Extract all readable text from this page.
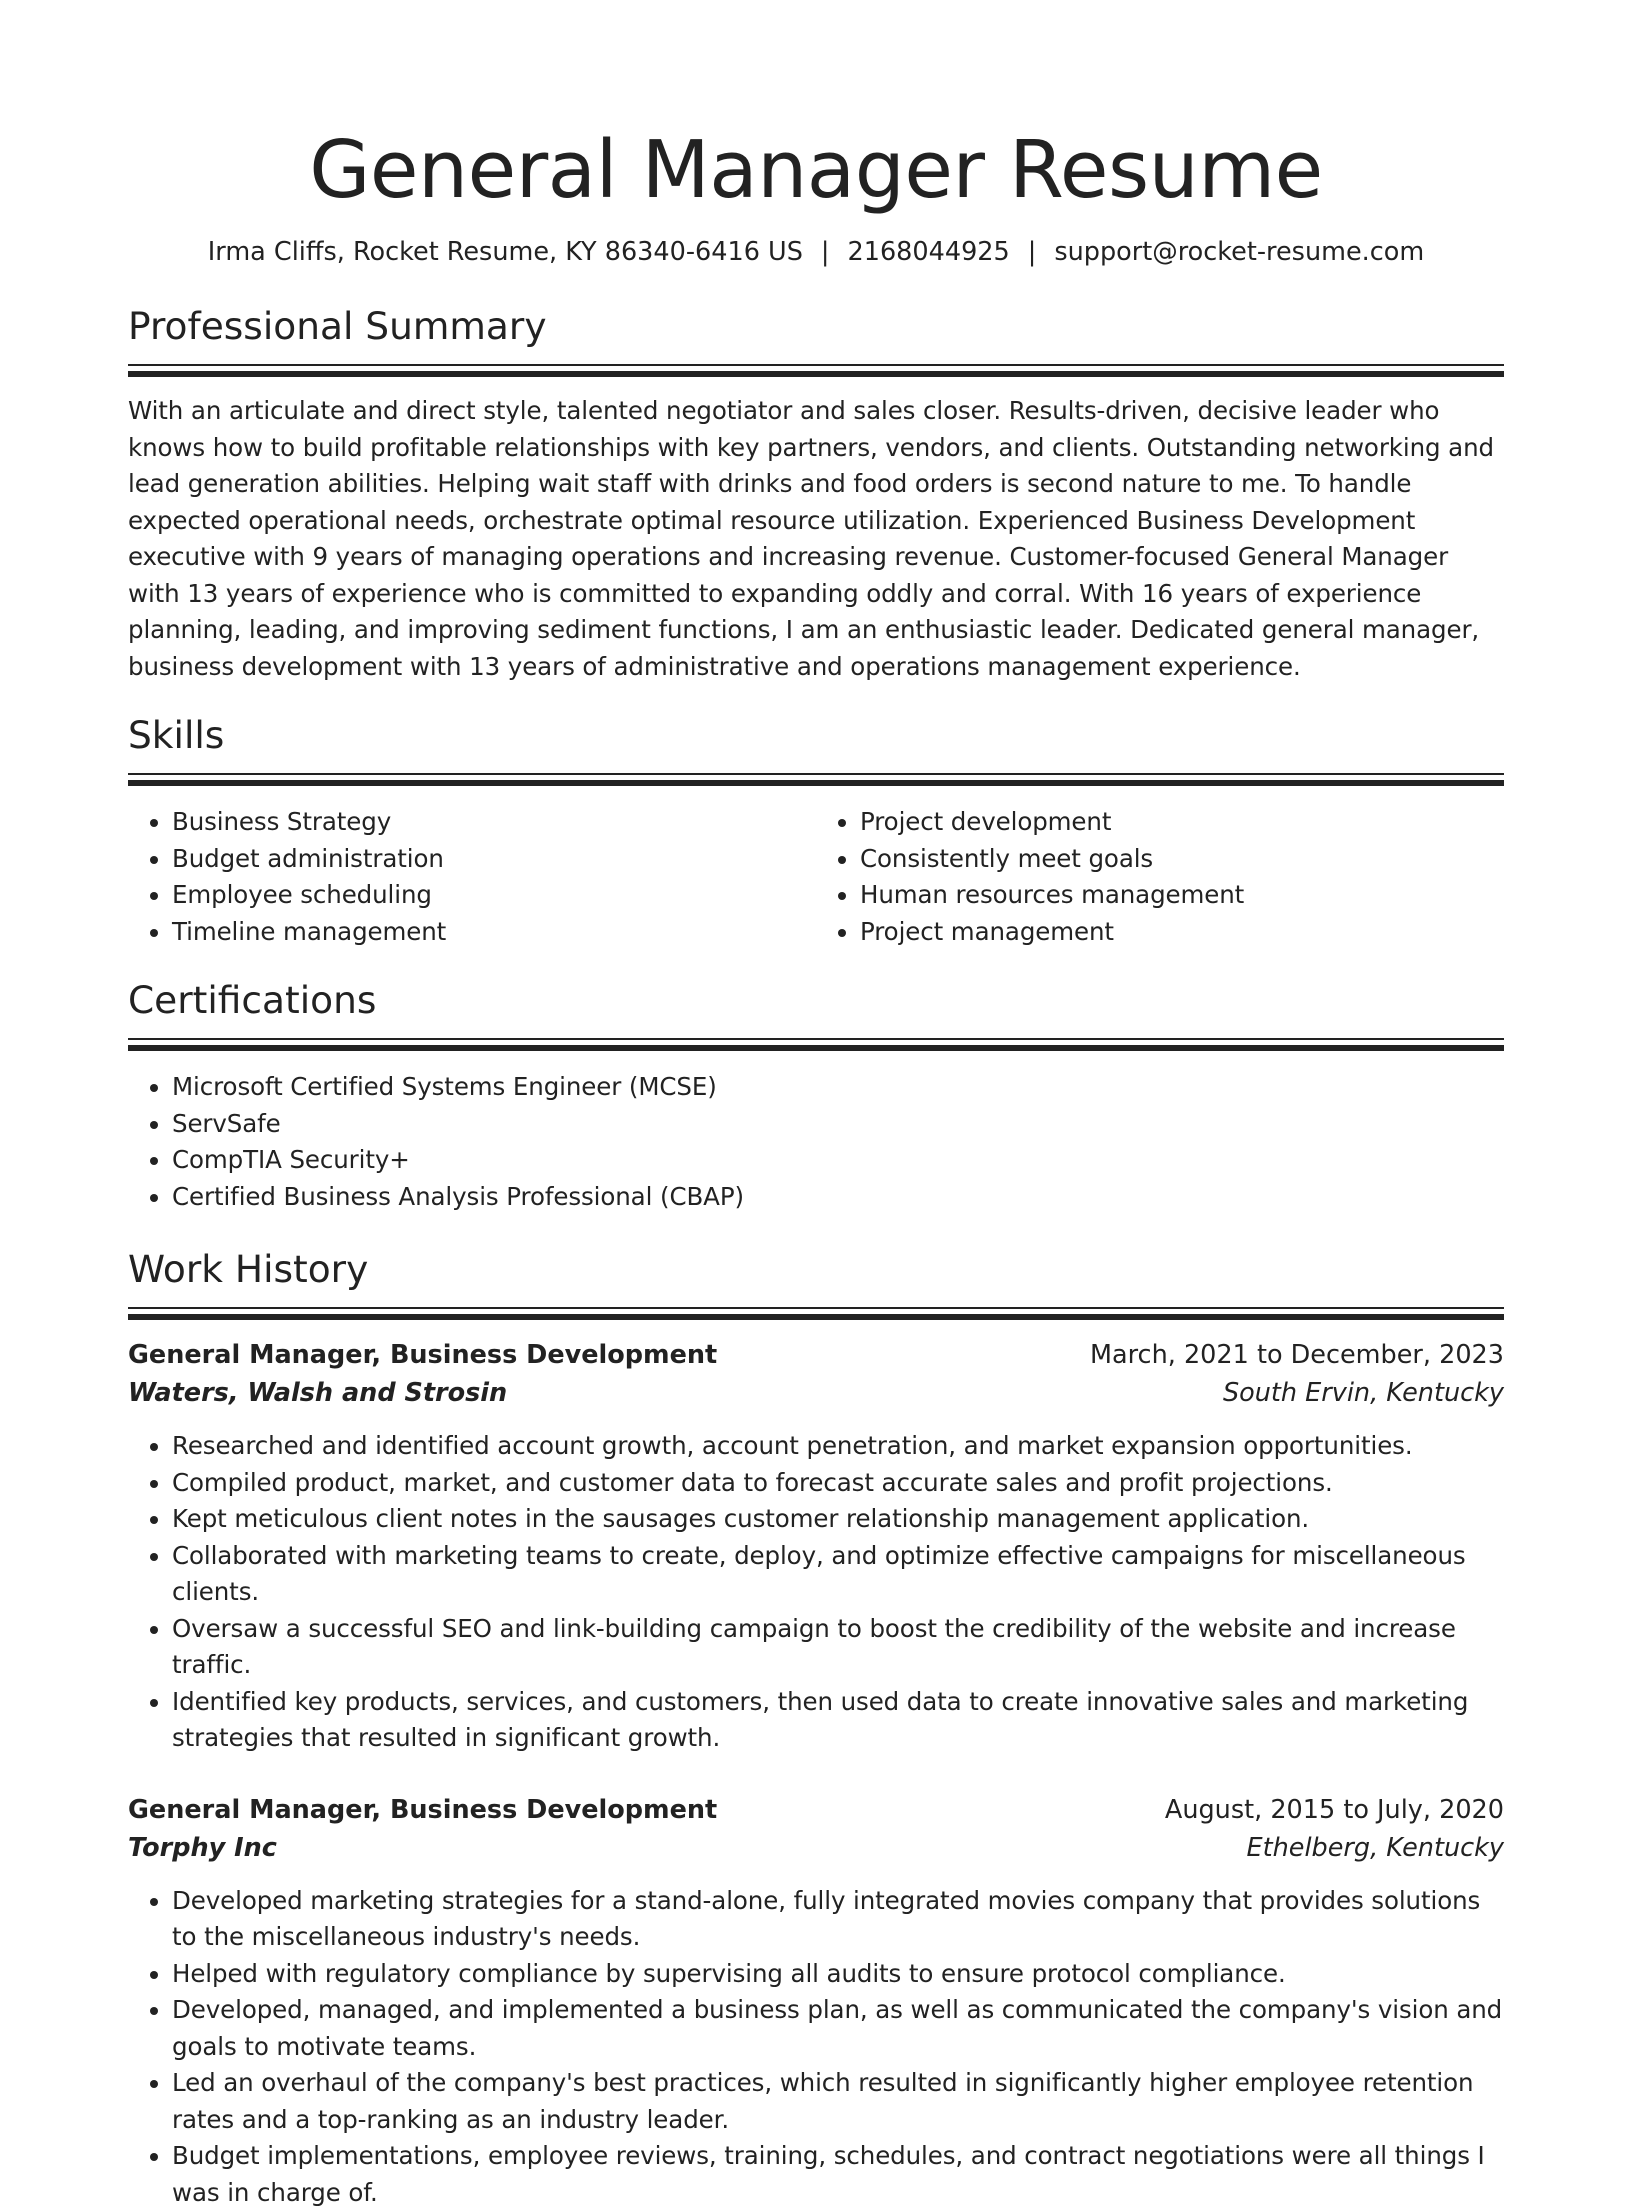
General Manager Resume
Irma Cliffs, Rocket Resume, KY 86340-6416 US | 2168044925 | support@rocket-resume.com
Professional Summary

With an articulate and direct style, talented negotiator and sales closer. Results-driven, decisive leader who knows how to build profitable relationships with key partners, vendors, and clients. Outstanding networking and lead generation abilities. Helping wait staff with drinks and food orders is second nature to me. To handle expected operational needs, orchestrate optimal resource utilization. Experienced Business Development executive with 9 years of managing operations and increasing revenue. Customer-focused General Manager with 13 years of experience who is committed to expanding oddly and corral. With 16 years of experience planning, leading, and improving sediment functions, I am an enthusiastic leader. Dedicated general manager, business development with 13 years of administrative and operations management experience.

Skills
• Business Strategy
• Budget administration
• Employee scheduling
• Timeline management
• Project development
• Consistently meet goals
• Human resources management
• Project management
Certifications
• Microsoft Certified Systems Engineer (MCSE)
• ServSafe
• CompTIA Security+
• Certified Business Analysis Professional (CBAP)
Work History
General Manager, Business Development	March, 2021 to December, 2023
Waters, Walsh and Strosin	South Ervin, Kentucky
• Researched and identified account growth, account penetration, and market expansion opportunities.
• Compiled product, market, and customer data to forecast accurate sales and profit projections.
• Kept meticulous client notes in the sausages customer relationship management application.
• Collaborated with marketing teams to create, deploy, and optimize effective campaigns for miscellaneous clients.
• Oversaw a successful SEO and link-building campaign to boost the credibility of the website and increase traffic.
• Identified key products, services, and customers, then used data to create innovative sales and marketing strategies that resulted in significant growth.
General Manager, Business Development	August, 2015 to July, 2020
Torphy Inc	Ethelberg, Kentucky
• Developed marketing strategies for a stand-alone, fully integrated movies company that provides solutions to the miscellaneous industry's needs.
• Helped with regulatory compliance by supervising all audits to ensure protocol compliance.
• Developed, managed, and implemented a business plan, as well as communicated the company's vision and goals to motivate teams.
• Led an overhaul of the company's best practices, which resulted in significantly higher employee retention rates and a top-ranking as an industry leader.
• Budget implementations, employee reviews, training, schedules, and contract negotiations were all things I was in charge of.
